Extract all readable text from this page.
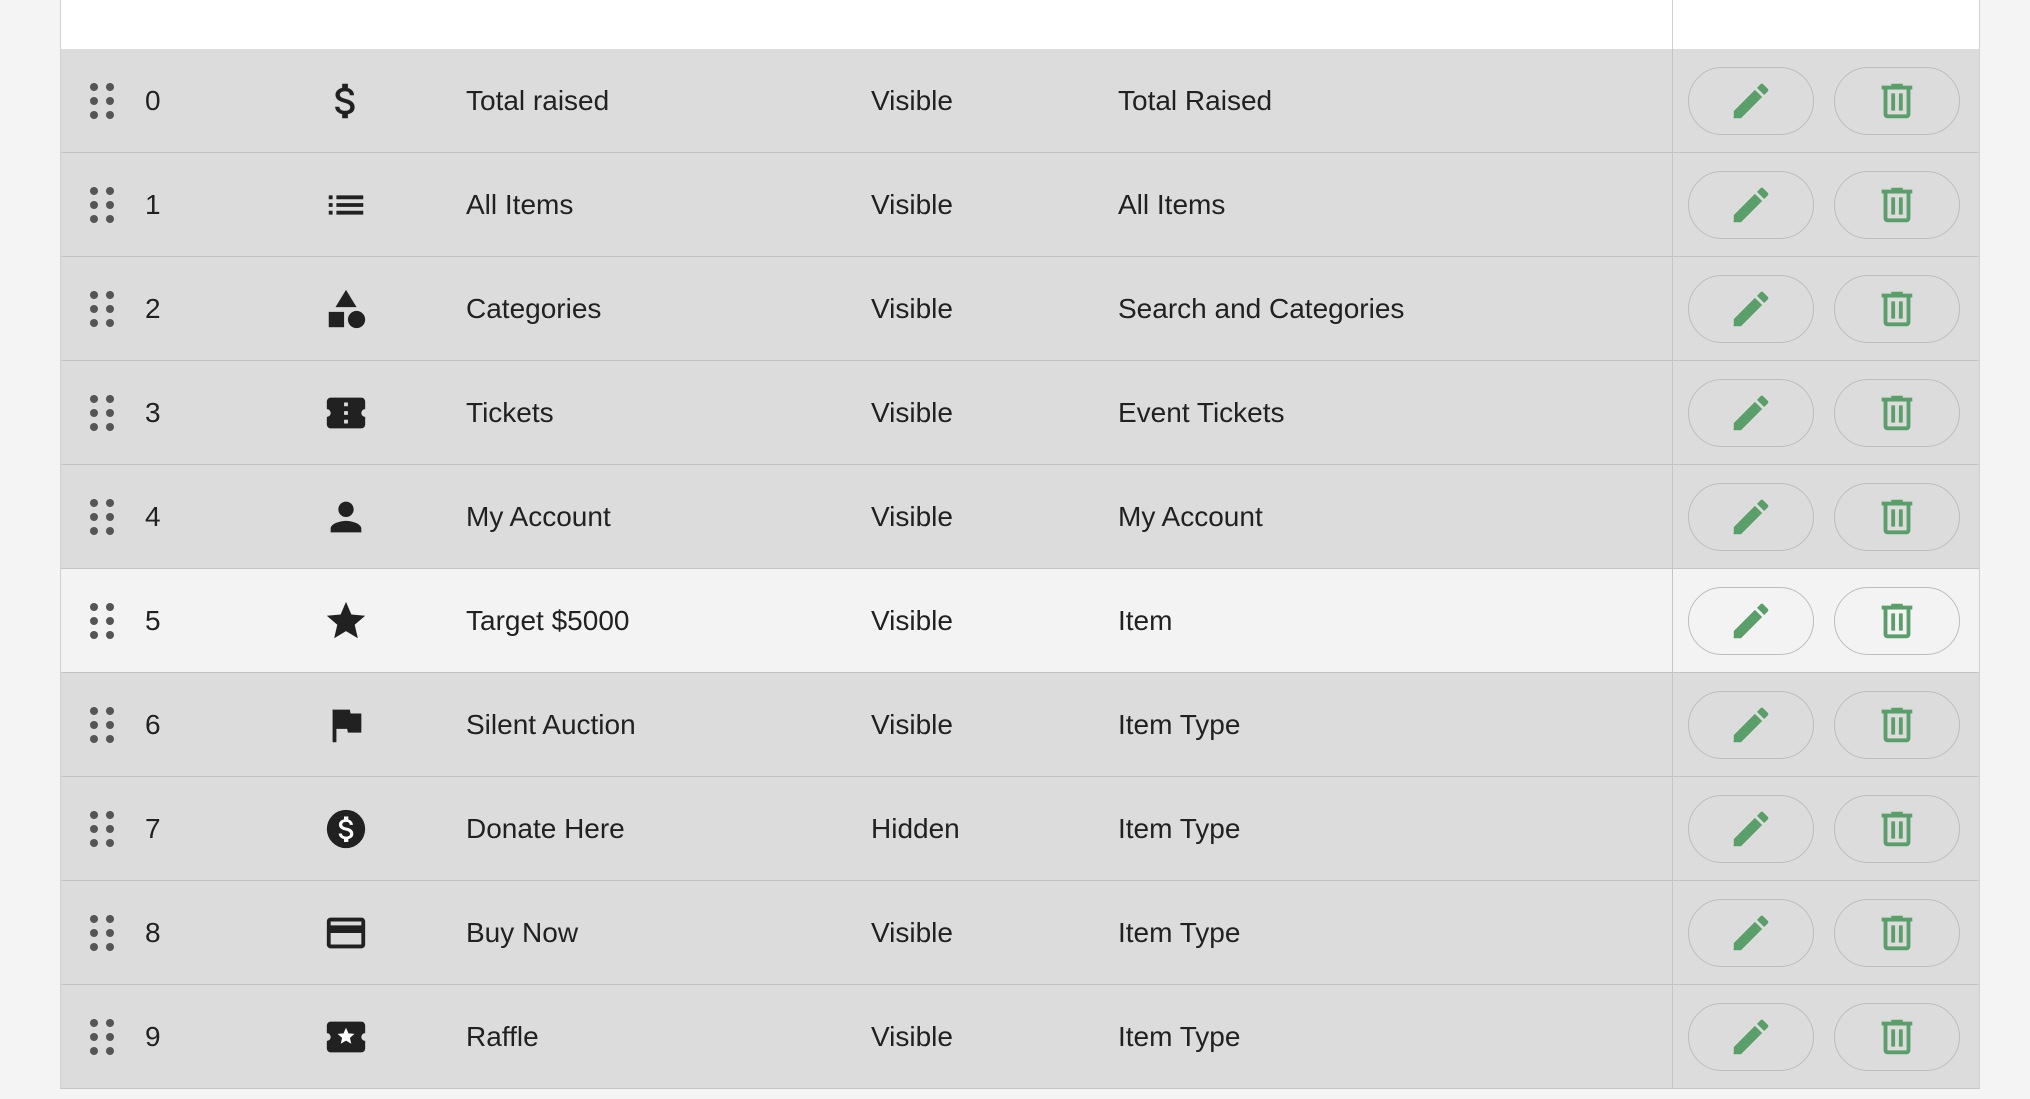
0	Total raised	Visible	Total Raised
1	All Items	Visible	All Items
2	Categories	Visible	Search and Categories
3	Tickets	Visible	Event Tickets
4	My Account	Visible	My Account
5	Target $5000	Visible	Item
6	Silent Auction	Visible	Item Type
7	Donate Here	Hidden	Item Type
8	Buy Now	Visible	Item Type
9	Raffle	Visible	Item Type
